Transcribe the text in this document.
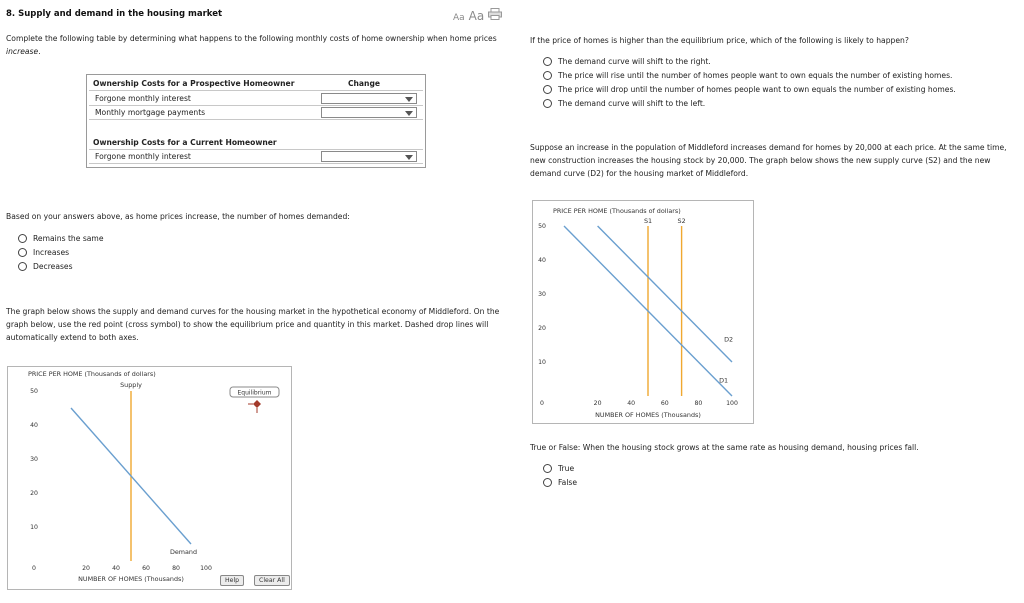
8. Supply and demand in the housing market	Aa Aa
Complete the following table by determining what happens to the following monthly costs of home ownership when home prices increase.
Ownership Costs for a Prospective Homeowner	Change
Forgone monthly interest
Monthly mortgage payments
Ownership Costs for a Current Homeowner
Forgone monthly interest
Based on your answers above, as home prices increase, the number of homes demanded:
Remains the same
Increases
Decreases
The graph below shows the supply and demand curves for the housing market in the hypothetical economy of Middleford. On the graph below, use the red point (cross symbol) to show the equilibrium price and quantity in this market. Dashed drop lines will automatically extend to both axes.
PRICE PER HOME (Thousands of dollars)
10
20
30
40
50
0	20	40	60	80	100
Supply
Demand
NUMBER OF HOMES (Thousands)
Equilibrium
Help	Clear All
If the price of homes is higher than the equilibrium price, which of the following is likely to happen?
The demand curve will shift to the right.
The price will rise until the number of homes people want to own equals the number of existing homes.
The price will drop until the number of homes people want to own equals the number of existing homes.
The demand curve will shift to the left.
Suppose an increase in the population of Middleford increases demand for homes by 20,000 at each price. At the same time, new construction increases the housing stock by 20,000. The graph below shows the new supply curve (S2) and the new demand curve (D2) for the housing market of Middleford.
PRICE PER HOME (Thousands of dollars)
10
20
30
40
50
0	20	40	60	80	100
S1	S2
D1
D2
NUMBER OF HOMES (Thousands)
True or False: When the housing stock grows at the same rate as housing demand, housing prices fall.
True
False
